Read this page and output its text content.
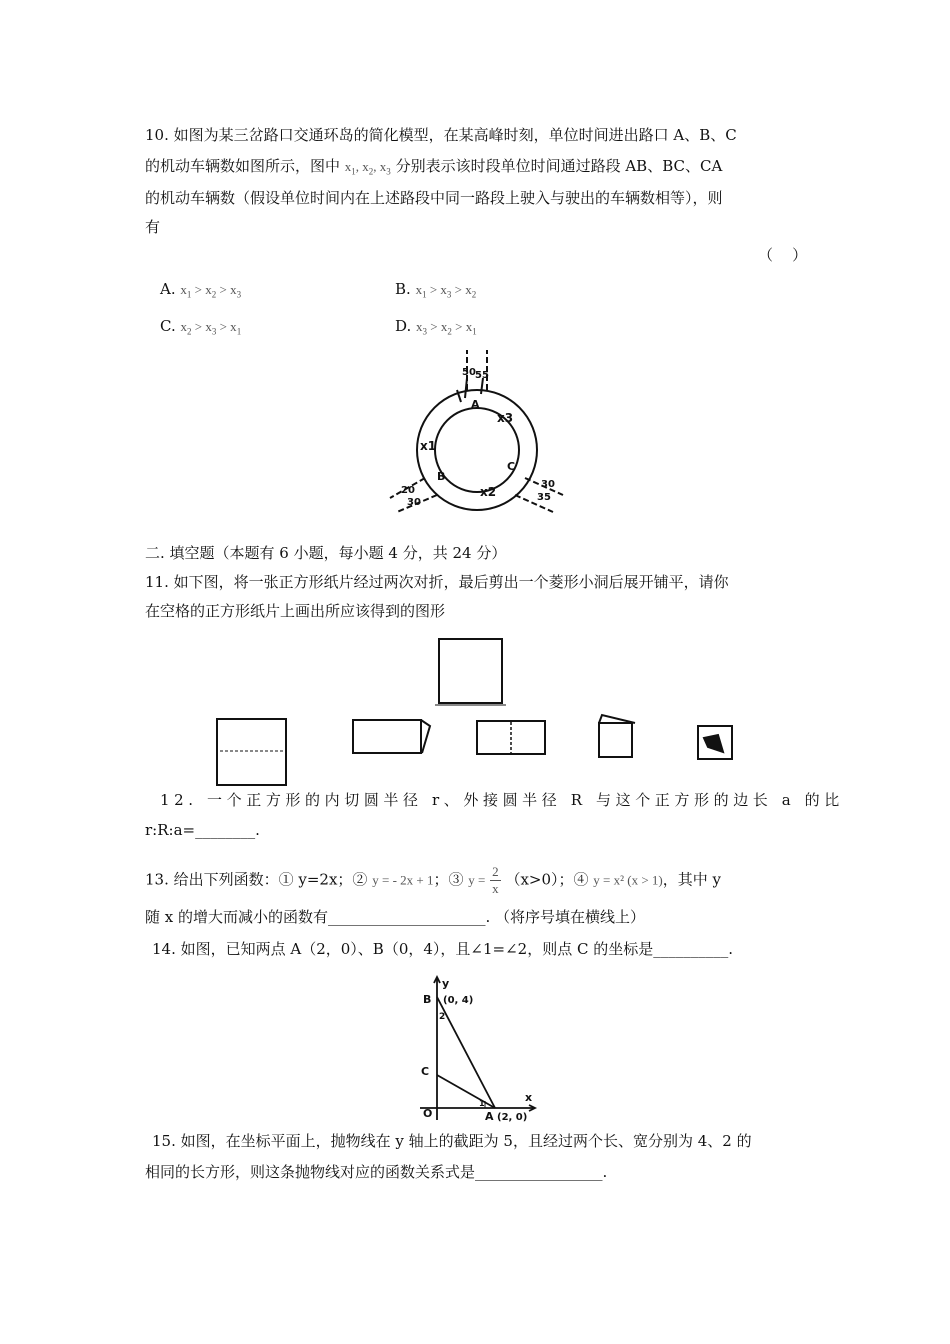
10. 如图为某三岔路口交通环岛的简化模型，在某高峰时刻，单位时间进出路口 A、B、C
的机动车辆数如图所示，图中 $x_1$, $x_2$, $x_3$ 分别表示该时段单位时间通过路段 AB、BC、CA
的机动车辆数（假设单位时间内在上述路段中同一路段上驶入与驶出的车辆数相等），则
有
（    ）
A. $x_1 > x_2 > x_3$	B. $x_1 > x_3 > x_2$
C. $x_2 > x_3 > x_1$	D. $x_3 > x_2 > x_1$
50 55
A
x3
x1
B
C
x2
20
30
30
35
二. 填空题（本题有 6 小题，每小题 4 分，共 24 分）
11. 如下图，将一张正方形纸片经过两次对折，最后剪出一个菱形小洞后展开铺平，请你
在空格的正方形纸片上画出所应该得到的图形
12. 一个正方形的内切圆半径 r、外接圆半径 R 与这个正方形的边长 a 的比
r:R:a=________.
13. 给出下列函数：① y=2x；② y = - 2x + 1；③ $y = \frac{2}{x} (x>0)$；④ y = x² (x > 1)，其中 y
随 x 的增大而减小的函数有_____________________. （将序号填在横线上）
14. 如图，已知两点 A（2，0）、B（0，4），且∠1=∠2，则点 C 的坐标是__________.
y
x
B (0, 4)
2
C
O
1
A (2, 0)
15. 如图，在坐标平面上，抛物线在 y 轴上的截距为 5，且经过两个长、宽分别为 4、2 的
相同的长方形，则这条抛物线对应的函数关系式是_________________.
